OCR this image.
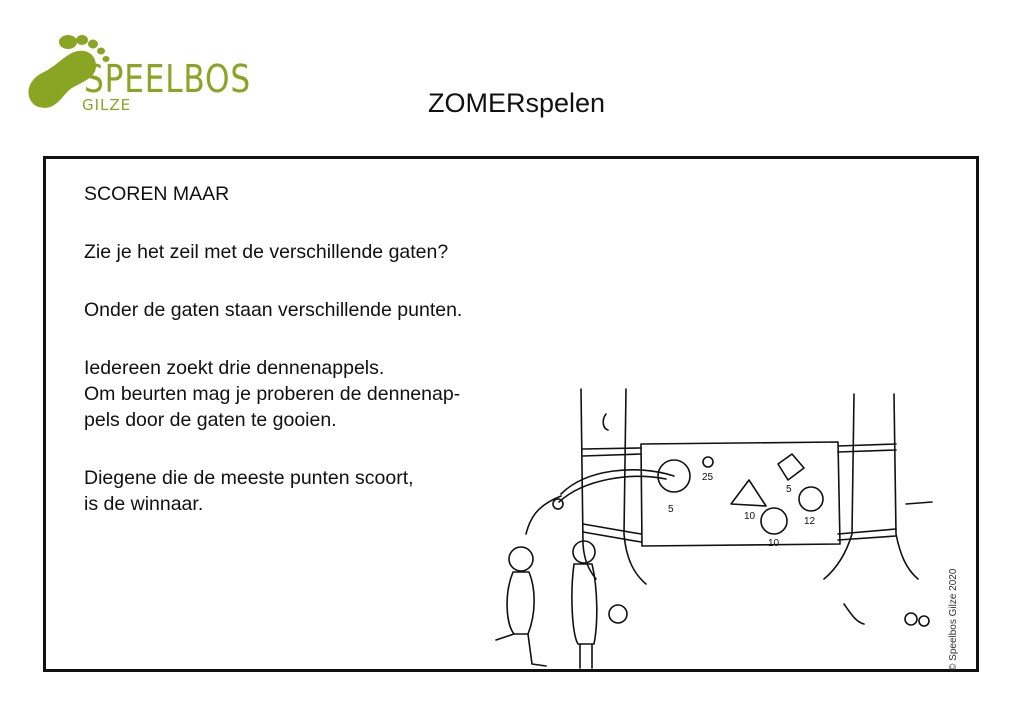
SPEELBOS
GILZE	ZOMERspelen

SCOREN MAAR

Zie je het zeil met de verschillende gaten?

Onder de gaten staan verschillende punten.

Iedereen zoekt drie dennenappels.

Om beurten mag je proberen de dennenap-

pels door de gaten te gooien.

Diegene die de meeste punten scoort,

is de winnaar.

25
5
5
10	12
10
© Speelbos Gilze 2020
